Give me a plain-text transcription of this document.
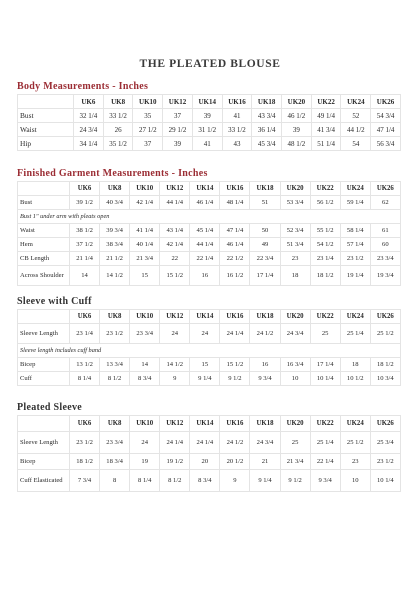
THE PLEATED BLOUSE
Body Measurements - Inches
	UK6	UK8	UK10	UK12	UK14	UK16	UK18	UK20	UK22	UK24	UK26
Bust	32 1/4	33 1/2	35	37	39	41	43 3/4	46 1/2	49 1/4	52	54 3/4
Waist	24 3/4	26	27 1/2	29 1/2	31 1/2	33 1/2	36 1/4	39	41 3/4	44 1/2	47 1/4
Hip	34 1/4	35 1/2	37	39	41	43	45 3/4	48 1/2	51 1/4	54	56 3/4
Finished Garment Measurements - Inches
	UK6	UK8	UK10	UK12	UK14	UK16	UK18	UK20	UK22	UK24	UK26
Bust	39 1/2	40 3/4	42 1/4	44 1/4	46 1/4	48 1/4	51	53 3/4	56 1/2	59 1/4	62
Bust 1" under arm with pleats open											
Waist	38 1/2	39 3/4	41 1/4	43 1/4	45 1/4	47 1/4	50	52 3/4	55 1/2	58 1/4	61
Hem	37 1/2	38 3/4	40 1/4	42 1/4	44 1/4	46 1/4	49	51 3/4	54 1/2	57 1/4	60
CB Length	21 1/4	21 1/2	21 3/4	22	22 1/4	22 1/2	22 3/4	23	23 1/4	23 1/2	23 3/4
Across Shoulder	14	14 1/2	15	15 1/2	16	16 1/2	17 1/4	18	18 1/2	19 1/4	19 3/4
Sleeve with Cuff
	UK6	UK8	UK10	UK12	UK14	UK16	UK18	UK20	UK22	UK24	UK26
Sleeve Length	23 1/4	23 1/2	23 3/4	24	24	24 1/4	24 1/2	24 3/4	25	25 1/4	25 1/2
Sleeve length includes cuff band											
Bicep	13 1/2	13 3/4	14	14 1/2	15	15 1/2	16	16 3/4	17 1/4	18	18 1/2
Cuff	8 1/4	8 1/2	8 3/4	9	9 1/4	9 1/2	9 3/4	10	10 1/4	10 1/2	10 3/4
Pleated Sleeve
	UK6	UK8	UK10	UK12	UK14	UK16	UK18	UK20	UK22	UK24	UK26
Sleeve Length	23 1/2	23 3/4	24	24 1/4	24 1/4	24 1/2	24 3/4	25	25 1/4	25 1/2	25 3/4
Bicep	18 1/2	18 3/4	19	19 1/2	20	20 1/2	21	21 3/4	22 1/4	23	23 1/2
Cuff Elasticated	7 3/4	8	8 1/4	8 1/2	8 3/4	9	9 1/4	9 1/2	9 3/4	10	10 1/4
